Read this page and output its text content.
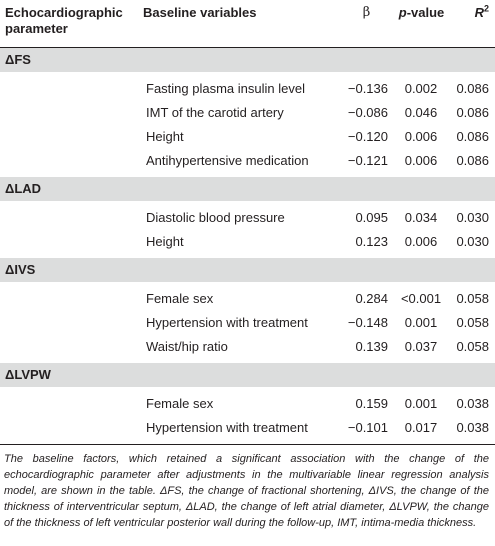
Echocardiographic parameter	Baseline variables	β	p-value	$R^2$
ΔFS				

	Fasting plasma insulin level	−0.136	0.002	0.086
	IMT of the carotid artery	−0.086	0.046	0.086
	Height	−0.120	0.006	0.086
	Antihypertensive medication	−0.121	0.006	0.086

ΔLAD				

	Diastolic blood pressure	0.095	0.034	0.030
	Height	0.123	0.006	0.030

ΔIVS				

	Female sex	0.284	<0.001	0.058
	Hypertension with treatment	−0.148	0.001	0.058
	Waist/hip ratio	0.139	0.037	0.058

ΔLVPW				

	Female sex	0.159	0.001	0.038
	Hypertension with treatment	−0.101	0.017	0.038

The baseline factors, which retained a significant association with the change of the echocardiographic parameter after adjustments in the multivariable linear regression analysis model, are shown in the table. ΔFS, the change of fractional shortening, ΔIVS, the change of the thickness of interventricular septum, ΔLAD, the change of left atrial diameter, ΔLVPW, the change of the thickness of left ventricular posterior wall during the follow-up, IMT, intima-media thickness.
